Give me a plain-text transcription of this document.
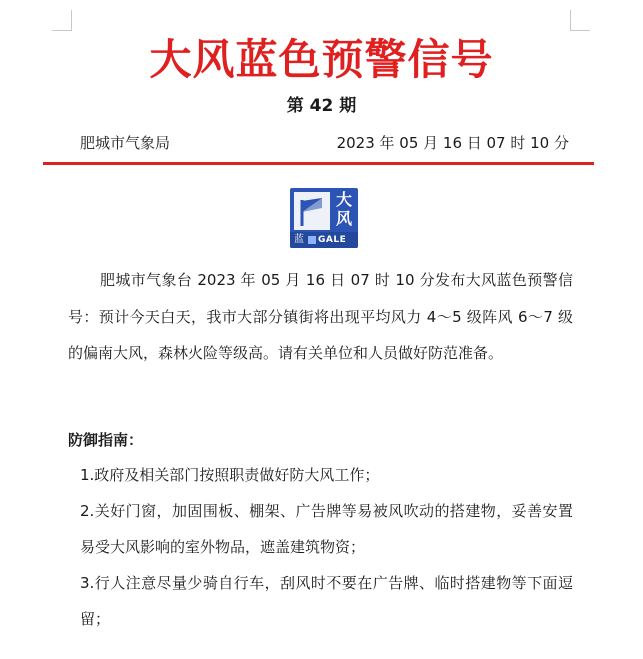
大风蓝色预警信号
第 42 期
肥城市气象局	2023 年 05 月 16 日 07 时 10 分
大
风
蓝 GALE

肥城市气象台 2023 年 05 月 16 日 07 时 10 分发布大风蓝色预警信号：预计今天白天，我市大部分镇街将出现平均风力 4～5 级阵风 6～7 级的偏南大风，森林火险等级高。请有关单位和人员做好防范准备。

防御指南：
1.政府及相关部门按照职责做好防大风工作；
2.关好门窗，加固围板、棚架、广告牌等易被风吹动的搭建物，妥善安置易受大风影响的室外物品，遮盖建筑物资；
3.行人注意尽量少骑自行车，刮风时不要在广告牌、临时搭建物等下面逗留；
